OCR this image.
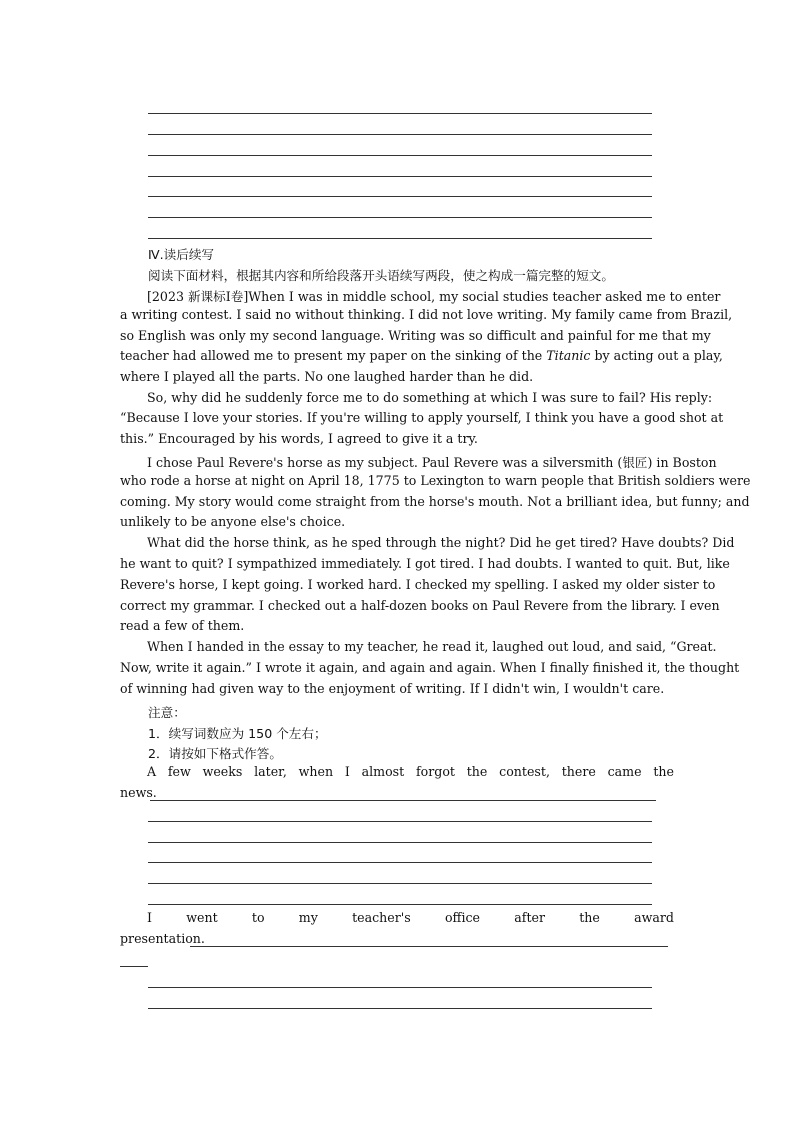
Ⅳ.读后续写
阅读下面材料，根据其内容和所给段落开头语续写两段，使之构成一篇完整的短文。
[2023 新课标Ⅰ卷]When I was in middle school, my social studies teacher asked me to enter
a writing contest. I said no without thinking. I did not love writing. My family came from Brazil,
so English was only my second language. Writing was so difficult and painful for me that my
teacher had allowed me to present my paper on the sinking of the Titanic by acting out a play,
where I played all the parts. No one laughed harder than he did.
So, why did he suddenly force me to do something at which I was sure to fail? His reply:
“Because I love your stories. If you're willing to apply yourself, I think you have a good shot at
this.” Encouraged by his words, I agreed to give it a try.
I chose Paul Revere's horse as my subject. Paul Revere was a silversmith (银匠) in Boston
who rode a horse at night on April 18, 1775 to Lexington to warn people that British soldiers were
coming. My story would come straight from the horse's mouth. Not a brilliant idea, but funny; and
unlikely to be anyone else's choice.
What did the horse think, as he sped through the night? Did he get tired? Have doubts? Did
he want to quit? I sympathized immediately. I got tired. I had doubts. I wanted to quit. But, like
Revere's horse, I kept going. I worked hard. I checked my spelling. I asked my older sister to
correct my grammar. I checked out a half-dozen books on Paul Revere from the library. I even
read a few of them.
When I handed in the essay to my teacher, he read it, laughed out loud, and said, “Great.
Now, write it again.” I wrote it again, and again and again. When I finally finished it, the thought
of winning had given way to the enjoyment of writing. If I didn't win, I wouldn't care.
注意：
1．续写词数应为 150 个左右；
2．请按如下格式作答。
A few weeks later, when I almost forgot the contest, there came the
news.
I went to my teacher's office after the award
presentation.
